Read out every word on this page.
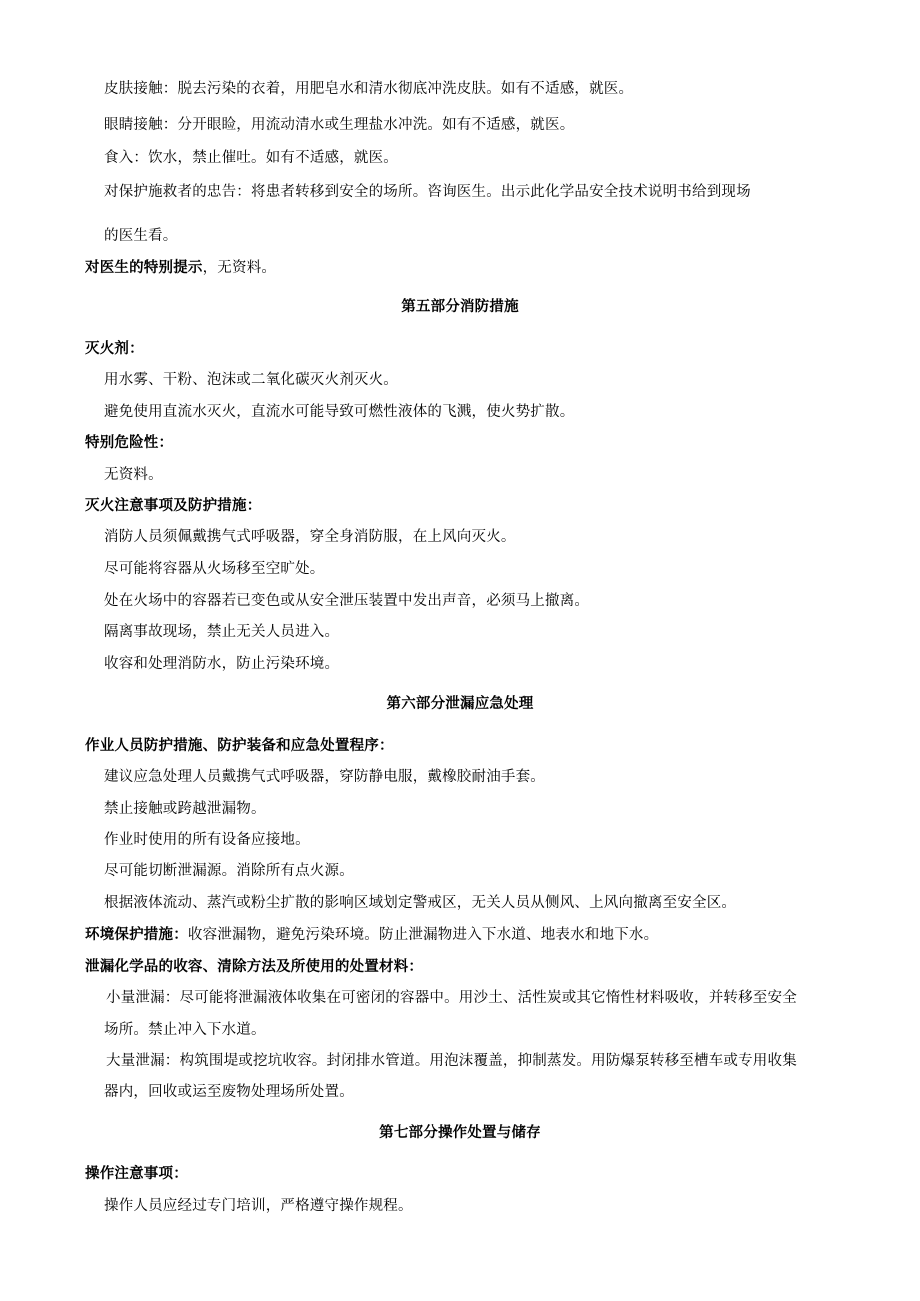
皮肤接触：脱去污染的衣着，用肥皂水和清水彻底冲洗皮肤。如有不适感，就医。
眼睛接触：分开眼睑，用流动清水或生理盐水冲洗。如有不适感，就医。
食入：饮水，禁止催吐。如有不适感，就医。
对保护施救者的忠告：将患者转移到安全的场所。咨询医生。出示此化学品安全技术说明书给到现场
的医生看。
对医生的特别提示，无资料。
第五部分消防措施
灭火剂：
用水雾、干粉、泡沫或二氧化碳灭火剂灭火。
避免使用直流水灭火，直流水可能导致可燃性液体的飞溅，使火势扩散。
特别危险性：
无资料。
灭火注意事项及防护措施：
消防人员须佩戴携气式呼吸器，穿全身消防服，在上风向灭火。
尽可能将容器从火场移至空旷处。
处在火场中的容器若已变色或从安全泄压装置中发出声音，必须马上撤离。
隔离事故现场，禁止无关人员进入。
收容和处理消防水，防止污染环境。
第六部分泄漏应急处理
作业人员防护措施、防护装备和应急处置程序：
建议应急处理人员戴携气式呼吸器，穿防静电服，戴橡胶耐油手套。
禁止接触或跨越泄漏物。
作业时使用的所有设备应接地。
尽可能切断泄漏源。消除所有点火源。
根据液体流动、蒸汽或粉尘扩散的影响区域划定警戒区，无关人员从侧风、上风向撤离至安全区。
环境保护措施：收容泄漏物，避免污染环境。防止泄漏物进入下水道、地表水和地下水。
泄漏化学品的收容、清除方法及所使用的处置材料：
小量泄漏：尽可能将泄漏液体收集在可密闭的容器中。用沙土、活性炭或其它惰性材料吸收，并转移至安全
场所。禁止冲入下水道。
大量泄漏：构筑围堤或挖坑收容。封闭排水管道。用泡沫覆盖，抑制蒸发。用防爆泵转移至槽车或专用收集
器内，回收或运至废物处理场所处置。
第七部分操作处置与储存
操作注意事项：
操作人员应经过专门培训，严格遵守操作规程。
